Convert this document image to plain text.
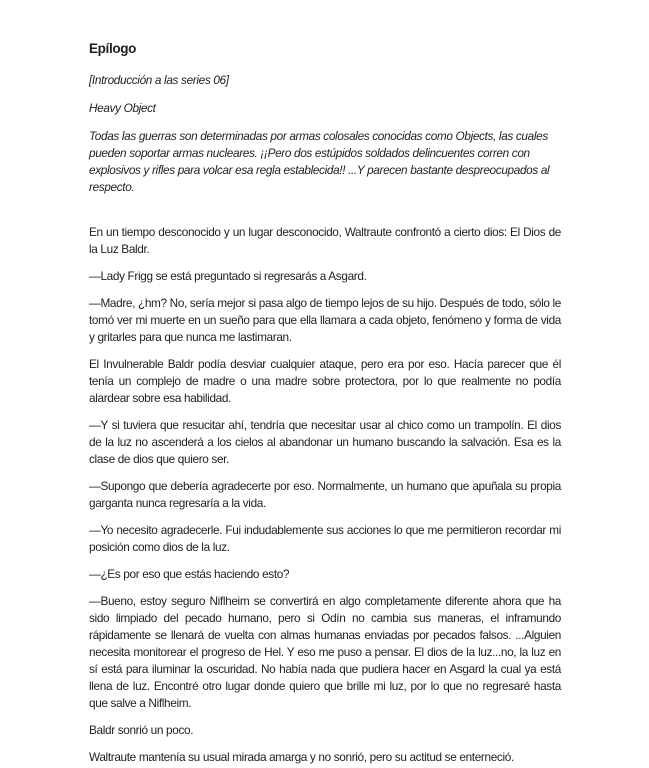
Epílogo

[Introducción a las series 06]

Heavy Object

Todas las guerras son determinadas por armas colosales conocidas como Objects, las cuales pueden soportar armas nucleares. ¡¡Pero dos estúpidos soldados delincuentes corren con explosivos y rifles para volcar esa regla establecida!! ...Y parecen bastante despreocupados al respecto.

En un tiempo desconocido y un lugar desconocido, Waltraute confrontó a cierto dios: El Dios de la Luz Baldr.

—Lady Frigg se está preguntado si regresarás a Asgard.

—Madre, ¿hm? No, sería mejor si pasa algo de tiempo lejos de su hijo. Después de todo, sólo le tomó ver mi muerte en un sueño para que ella llamara a cada objeto, fenómeno y forma de vida y gritarles para que nunca me lastimaran.

El Invulnerable Baldr podía desviar cualquier ataque, pero era por eso. Hacía parecer que él tenía un complejo de madre o una madre sobre protectora, por lo que realmente no podía alardear sobre esa habilidad.

—Y si tuviera que resucitar ahí, tendría que necesitar usar al chico como un trampolín. El dios de la luz no ascenderá a los cielos al abandonar un humano buscando la salvación. Esa es la clase de dios que quiero ser.

—Supongo que debería agradecerte por eso. Normalmente, un humano que apuñala su propia garganta nunca regresaría a la vida.

—Yo necesito agradecerle. Fui indudablemente sus acciones lo que me permitieron recordar mi posición como dios de la luz.

—¿Es por eso que estás haciendo esto?

—Bueno, estoy seguro Niflheim se convertirá en algo completamente diferente ahora que ha sido limpiado del pecado humano, pero si Odín no cambia sus maneras, el inframundo rápidamente se llenará de vuelta con almas humanas enviadas por pecados falsos. ...Alguien necesita monitorear el progreso de Hel. Y eso me puso a pensar. El dios de la luz...no, la luz en sí está para iluminar la oscuridad. No había nada que pudiera hacer en Asgard la cual ya está llena de luz. Encontré otro lugar donde quiero que brille mi luz, por lo que no regresaré hasta que salve a Niflheim.

Baldr sonrió un poco.

Waltraute mantenía su usual mirada amarga y no sonrió, pero su actitud se enterneció.
